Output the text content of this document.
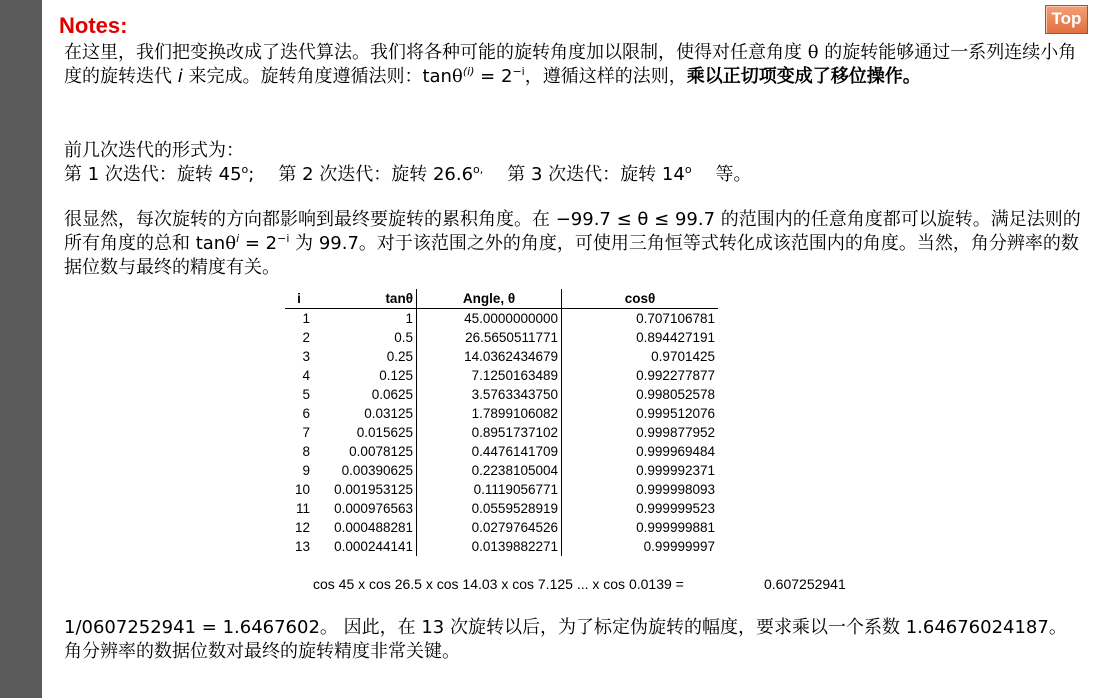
Top
Notes:

在这里，我们把变换改成了迭代算法。我们将各种可能的旋转角度加以限制，使得对任意角度 θ 的旋转能够通过一系列连续小角度的旋转迭代 i 来完成。旋转角度遵循法则：$\tan\theta^{(i)} = 2^{-i}$，遵循这样的法则，乘以正切项变成了移位操作。

前几次迭代的形式为：

第 1 次迭代：旋转 45$^o$; 第 2 次迭代：旋转 $26.6^{o,}$ 第 3 次迭代：旋转 14$^o$ 等。

很显然，每次旋转的方向都影响到最终要旋转的累积角度。在 −99.7 ≤ θ ≤ 99.7 的范围内的任意角度都可以旋转。满足法则的所有角度的总和 $\tan\theta^i = 2^{-i}$ 为 99.7。对于该范围之外的角度，可使用三角恒等式转化成该范围内的角度。当然，角分辨率的数据位数与最终的精度有关。

i	tanθ	Angle, θ	cosθ
1	1	45.0000000000	0.707106781
2	0.5	26.5650511771	0.894427191
3	0.25	14.0362434679	0.9701425
4	0.125	7.1250163489	0.992277877
5	0.0625	3.5763343750	0.998052578
6	0.03125	1.7899106082	0.999512076
7	0.015625	0.8951737102	0.999877952
8	0.0078125	0.4476141709	0.999969484
9	0.00390625	0.2238105004	0.999992371
10	0.001953125	0.1119056771	0.999998093
11	0.000976563	0.0559528919	0.999999523
12	0.000488281	0.0279764526	0.999999881
13	0.000244141	0.0139882271	0.99999997
cos 45 x cos 26.5 x cos 14.03 x cos 7.125 ... x cos 0.0139 =	0.607252941

1/0607252941 = 1.6467602。 因此，在 13 次旋转以后，为了标定伪旋转的幅度，要求乘以一个系数 1.64676024187。角分辨率的数据位数对最终的旋转精度非常关键。
